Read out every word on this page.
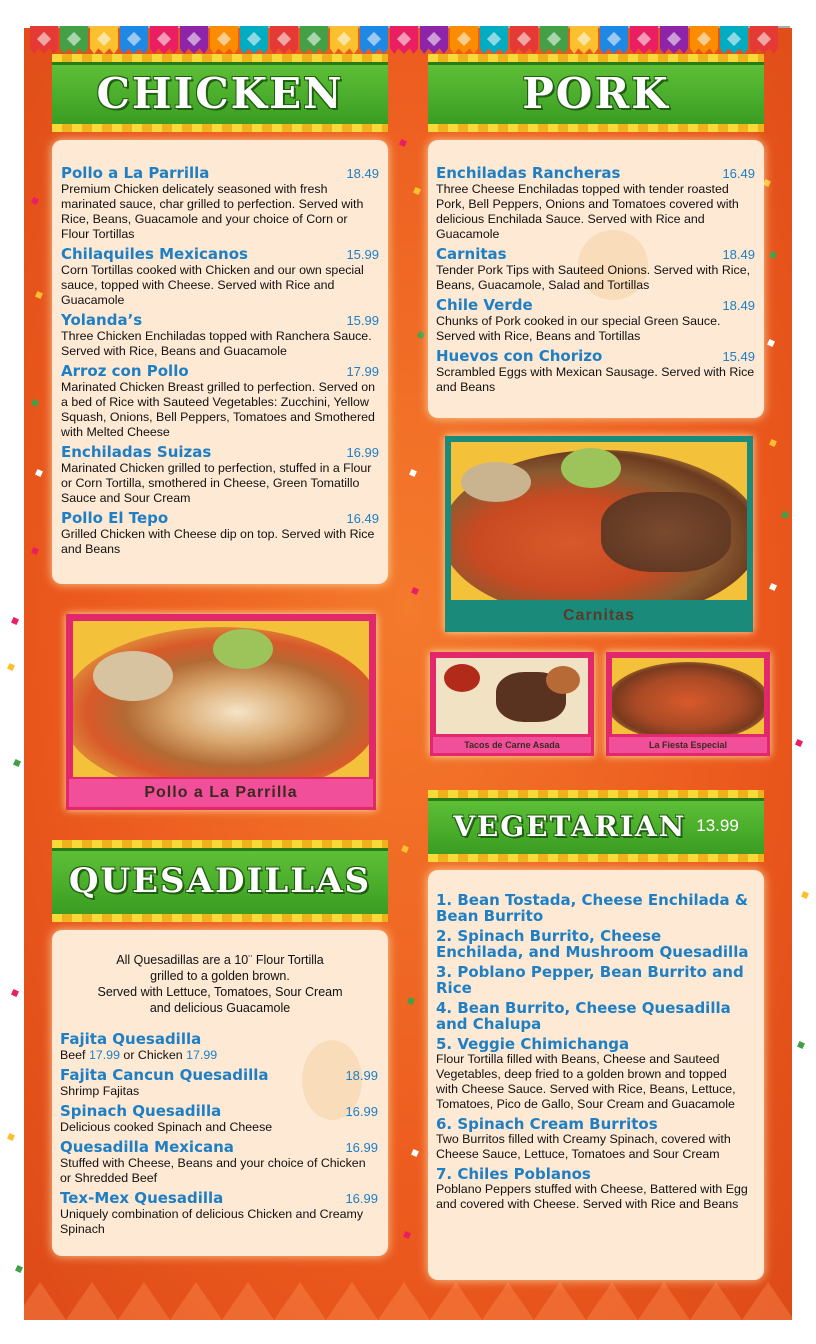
CHICKEN
Pollo a La Parrilla	18.49
Premium Chicken delicately seasoned with fresh marinated sauce, char grilled to perfection. Served with Rice, Beans, Guacamole and your choice of Corn or Flour Tortillas
Chilaquiles Mexicanos	15.99
Corn Tortillas cooked with Chicken and our own special sauce, topped with Cheese. Served with Rice and Guacamole
Yolanda’s	15.99
Three Chicken Enchiladas topped with Ranchera Sauce. Served with Rice, Beans and Guacamole
Arroz con Pollo	17.99
Marinated Chicken Breast grilled to perfection. Served on a bed of Rice with Sauteed Vegetables: Zucchini, Yellow Squash, Onions, Bell Peppers, Tomatoes and Smothered with Melted Cheese
Enchiladas Suizas	16.99
Marinated Chicken grilled to perfection, stuffed in a Flour or Corn Tortilla, smothered in Cheese, Green Tomatillo Sauce and Sour Cream
Pollo El Tepo	16.49
Grilled Chicken with Cheese dip on top. Served with Rice and Beans
PORK
Enchiladas Rancheras	16.49
Three Cheese Enchiladas topped with tender roasted Pork, Bell Peppers, Onions and Tomatoes covered with delicious Enchilada Sauce. Served with Rice and Guacamole
Carnitas	18.49
Tender Pork Tips with Sauteed Onions. Served with Rice, Beans, Guacamole, Salad and Tortillas
Chile Verde	18.49
Chunks of Pork cooked in our special Green Sauce. Served with Rice, Beans and Tortillas
Huevos con Chorizo	15.49
Scrambled Eggs with Mexican Sausage. Served with Rice and Beans
Carnitas
Pollo a La Parrilla
Tacos de Carne Asada	La Fiesta Especial
VEGETARIAN 13.99
1. Bean Tostada, Cheese Enchilada & Bean Burrito
2. Spinach Burrito, Cheese Enchilada, and Mushroom Quesadilla
3. Poblano Pepper, Bean Burrito and Rice
4. Bean Burrito, Cheese Quesadilla and Chalupa
5. Veggie Chimichanga
Flour Tortilla filled with Beans, Cheese and Sauteed Vegetables, deep fried to a golden brown and topped with Cheese Sauce. Served with Rice, Beans, Lettuce, Tomatoes, Pico de Gallo, Sour Cream and Guacamole
6. Spinach Cream Burritos
Two Burritos filled with Creamy Spinach, covered with Cheese Sauce, Lettuce, Tomatoes and Sour Cream
7. Chiles Poblanos
Poblano Peppers stuffed with Cheese, Battered with Egg and covered with Cheese. Served with Rice and Beans
QUESADILLAS
All Quesadillas are a 10¨ Flour Tortilla
grilled to a golden brown.
Served with Lettuce, Tomatoes, Sour Cream
and delicious Guacamole
Fajita Quesadilla
Beef 17.99 or Chicken 17.99
Fajita Cancun Quesadilla	18.99
Shrimp Fajitas
Spinach Quesadilla	16.99
Delicious cooked Spinach and Cheese
Quesadilla Mexicana	16.99
Stuffed with Cheese, Beans and your choice of Chicken or Shredded Beef
Tex-Mex Quesadilla	16.99
Uniquely combination of delicious Chicken and Creamy Spinach
